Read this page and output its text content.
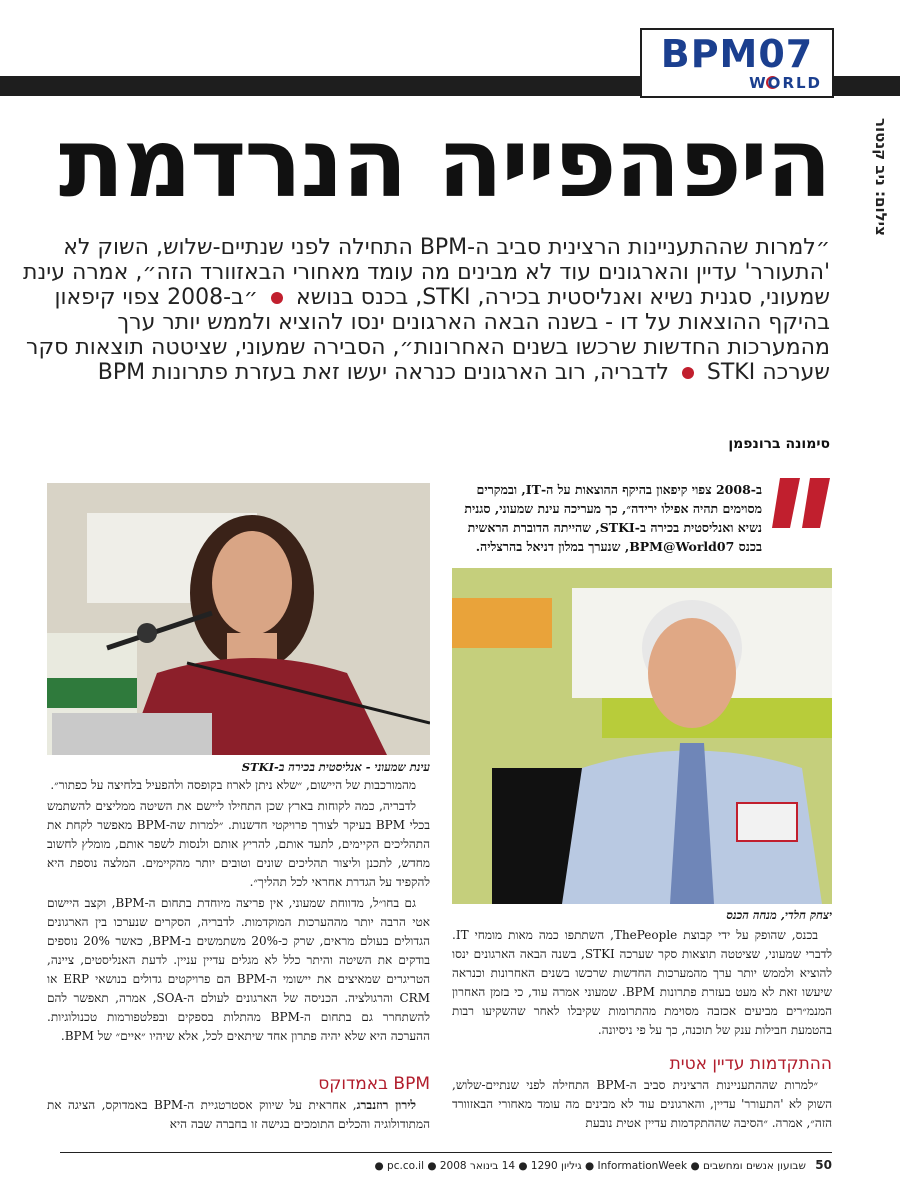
BPM07
WORLD
היפהפייה הנרדמת	צילום: ניב קנטור
״למרות שההתעניינות הרצינית סביב ה-BPM התחילה לפני שנתיים-שלוש, השוק לא 'התעורר' עדיין והארגונים עוד לא מבינים מה עומד מאחורי הבאזוורד הזה״, אמרה עינת שמעוני, סגנית נשיא ואנליסטית בכירה, STKI, בכנס בנושא  ״ב-2008 צפוי קיפאון בהיקף ההוצאות על דו - בשנה הבאה הארגונים ינסו להוציא ולממש יותר ערך מהמערכות החדשות שרכשו בשנים האחרונות״, הסבירה שמעוני, שציטטה תוצאות סקר שערכה STKI  לדבריה, רוב הארגונים כנראה יעשו זאת בעזרת פתרונות BPM
סימונה ברונפמן
ב-2008 צפוי קיפאון בהיקף ההוצאות על ה-IT, ובמקרים מסוימים תהיה אפילו ירידה״, כך מעריכה עינת שמעוני, סגנית נשיא ואנליסטית בכירה ב-STKI, שהייתה הדוברת הראשית בכנס BPM@World07, שנערך במלון דניאל בהרצליה.
עינת שמעוני - אנליסטית בכירה ב-STKI
יצחק חלדי, מנחה הכנס

מהמורכבות של היישום, ״שלא ניתן לארוז בקופסה ולהפעיל בלחיצה על כפתור״.

לדבריה, כמה לקוחות בארץ שכן התחילו ליישם את השיטה ממליצים להשתמש בכלי BPM בעיקר לצורך פרויקטי חדשנות. ״למרות שה-BPM מאפשר לקחת את התהליכים הקיימים, לתעד אותם, להריץ אותם ולנסות לשפר אותם, מומלץ לחשוב מחדש, לתכנן וליצור תהליכים שונים וטובים יותר מהקיימים. המלצה נוספת היא להקפיד על הגדרת אחראי לכל תהליך״.

גם בחו״ל, מדווחת שמעוני, אין פריצה מיוחדת בתחום ה-BPM, וקצב היישום אטי הרבה יותר מההערכות המוקדמות. לדבריה, הסקרים שנערכו בין הארגונים הגדולים בעולם מראים, שרק כ-20% משתמשים ב-BPM, כאשר 20% נוספים בודקים את השיטה והיתר כלל לא מגלים עדיין עניין. לדעת האנליסטים, ציינה, הטריגרים שמאיצים את יישומי ה-BPM הם פרויקטים גדולים בנושאי ERP או CRM והרגולציה. הכניסה של הארגונים לעולם ה-SOA, אמרה, תאפשר להם להשתחרר גם בתחום ה-BPM מהתלות בספקים ובפלטפורמות טכנולוגיות. ההערכה היא שלא יהיה פתרון אחד שיתאים לכל, אלא שיהיו ״איים״ של BPM.

BPM באמדוקס

לירון רוזנברג, אחראית על שיווק אסטרטגיית ה-BPM באמדוקס, הציגה את המתודולוגיה והכלים התומכים בגישה זו בחברה שבה היא

בכנס, שהופק על ידי קבוצת ThePeople, השתתפו כמה מאות מומחי IT. לדברי שמעוני, שציטטה תוצאות סקר שערכה STKI, בשנה הבאה הארגונים ינסו להוציא ולממש יותר ערך מהמערכות החדשות שרכשו בשנים האחרונות וכנראה שיעשו זאת לא מעט בעזרת פתרונות BPM. שמעוני אמרה עוד, כי בזמן האחרון המנמ״רים מביעים אכזבה מסוימת מהתרומות שקיבלו לאחר שהשקיעו רבות בהטמעת חבילות ענק של תוכנה, כך על פי ניסיונה.

ההתקדמות עדיין אטית

״למרות שההתעניינות הרצינית סביב ה-BPM התחילה לפני שנתיים-שלוש, השוק לא 'התעורר' עדיין, והארגונים עוד לא מבינים מה עומד מאחורי הבאזוורד הזה״, אמרה. ״הסיבה שההתקדמות עדיין אטית נובעת

50 שבועון אנשים ומחשבים ● InformationWeek ● גיליון 1290 ● 14 בינואר 2008 ● pc.co.il ●
